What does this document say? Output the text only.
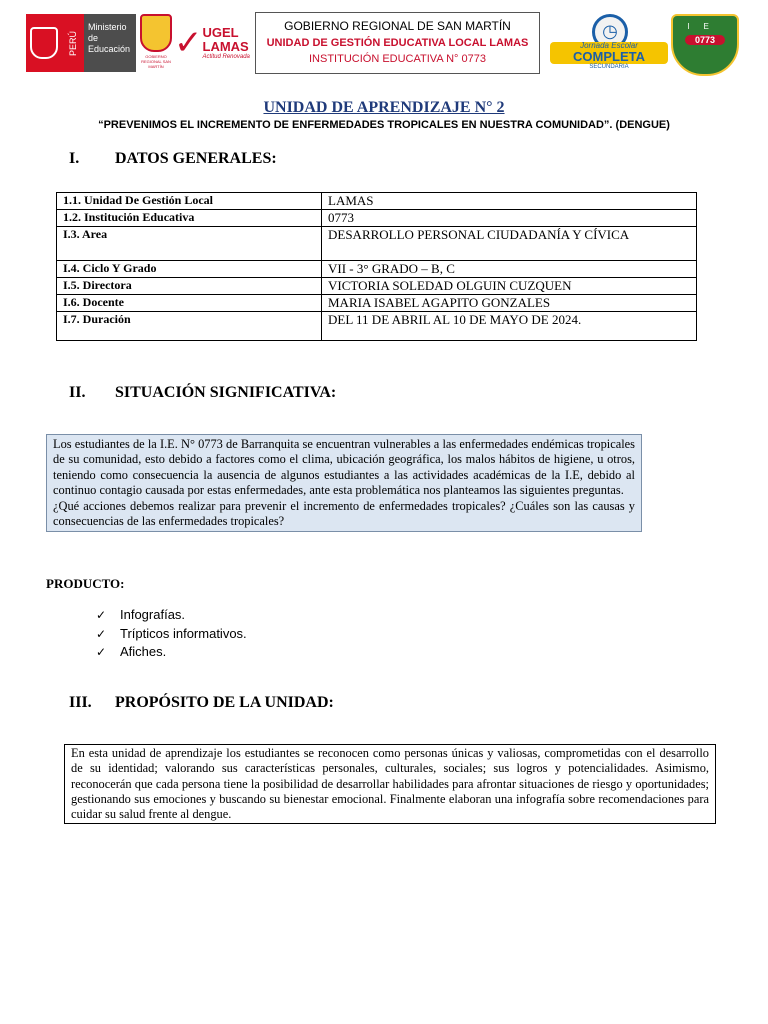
PERÚ
Ministerio de Educación
GOBIERNO REGIONAL SAN MARTÍN
✓ UGEL LAMAS
Actitud Renovada
GOBIERNO REGIONAL DE SAN MARTÍN
UNIDAD DE GESTIÓN EDUCATIVA LOCAL LAMAS
INSTITUCIÓN EDUCATIVA N° 0773
◷
Jornada Escolar
COMPLETA
SECUNDARIA
IE
0773
UNIDAD DE APRENDIZAJE N° 2
“PREVENIMOS EL INCREMENTO DE ENFERMEDADES TROPICALES EN NUESTRA COMUNIDAD”. (DENGUE)
I. DATOS GENERALES:
1.1. Unidad De Gestión Local	LAMAS
1.2. Institución Educativa	0773
I.3. Area	DESARROLLO PERSONAL CIUDADANÍA Y CÍVICA
I.4. Ciclo Y Grado	VII - 3° GRADO – B, C
I.5. Directora	VICTORIA SOLEDAD OLGUIN CUZQUEN
I.6. Docente	MARIA ISABEL AGAPITO GONZALES
I.7. Duración	DEL 11 DE ABRIL AL 10 DE MAYO DE 2024.
II. SITUACIÓN SIGNIFICATIVA:
Los estudiantes de la I.E. N° 0773 de Barranquita se encuentran vulnerables a las enfermedades endémicas tropicales de su comunidad, esto debido a factores como el clima, ubicación geográfica, los malos hábitos de higiene, u otros, teniendo como consecuencia la ausencia de algunos estudiantes a las actividades académicas de la I.E, debido al continuo contagio causada por estas enfermedades, ante esta problemática nos planteamos las siguientes preguntas.
¿Qué acciones debemos realizar para prevenir el incremento de enfermedades tropicales? ¿Cuáles son las causas y consecuencias de las enfermedades tropicales?
PRODUCTO:
✓ Infografías.
✓ Trípticos informativos.
✓ Afiches.
III. PROPÓSITO DE LA UNIDAD:
En esta unidad de aprendizaje los estudiantes se reconocen como personas únicas y valiosas, comprometidas con el desarrollo de su identidad; valorando sus características personales, culturales, sociales; sus logros y potencialidades. Asimismo, reconocerán que cada persona tiene la posibilidad de desarrollar habilidades para afrontar situaciones de riesgo y oportunidades; gestionando sus emociones y buscando su bienestar emocional. Finalmente elaboran una infografía sobre recomendaciones para cuidar su salud frente al dengue.
